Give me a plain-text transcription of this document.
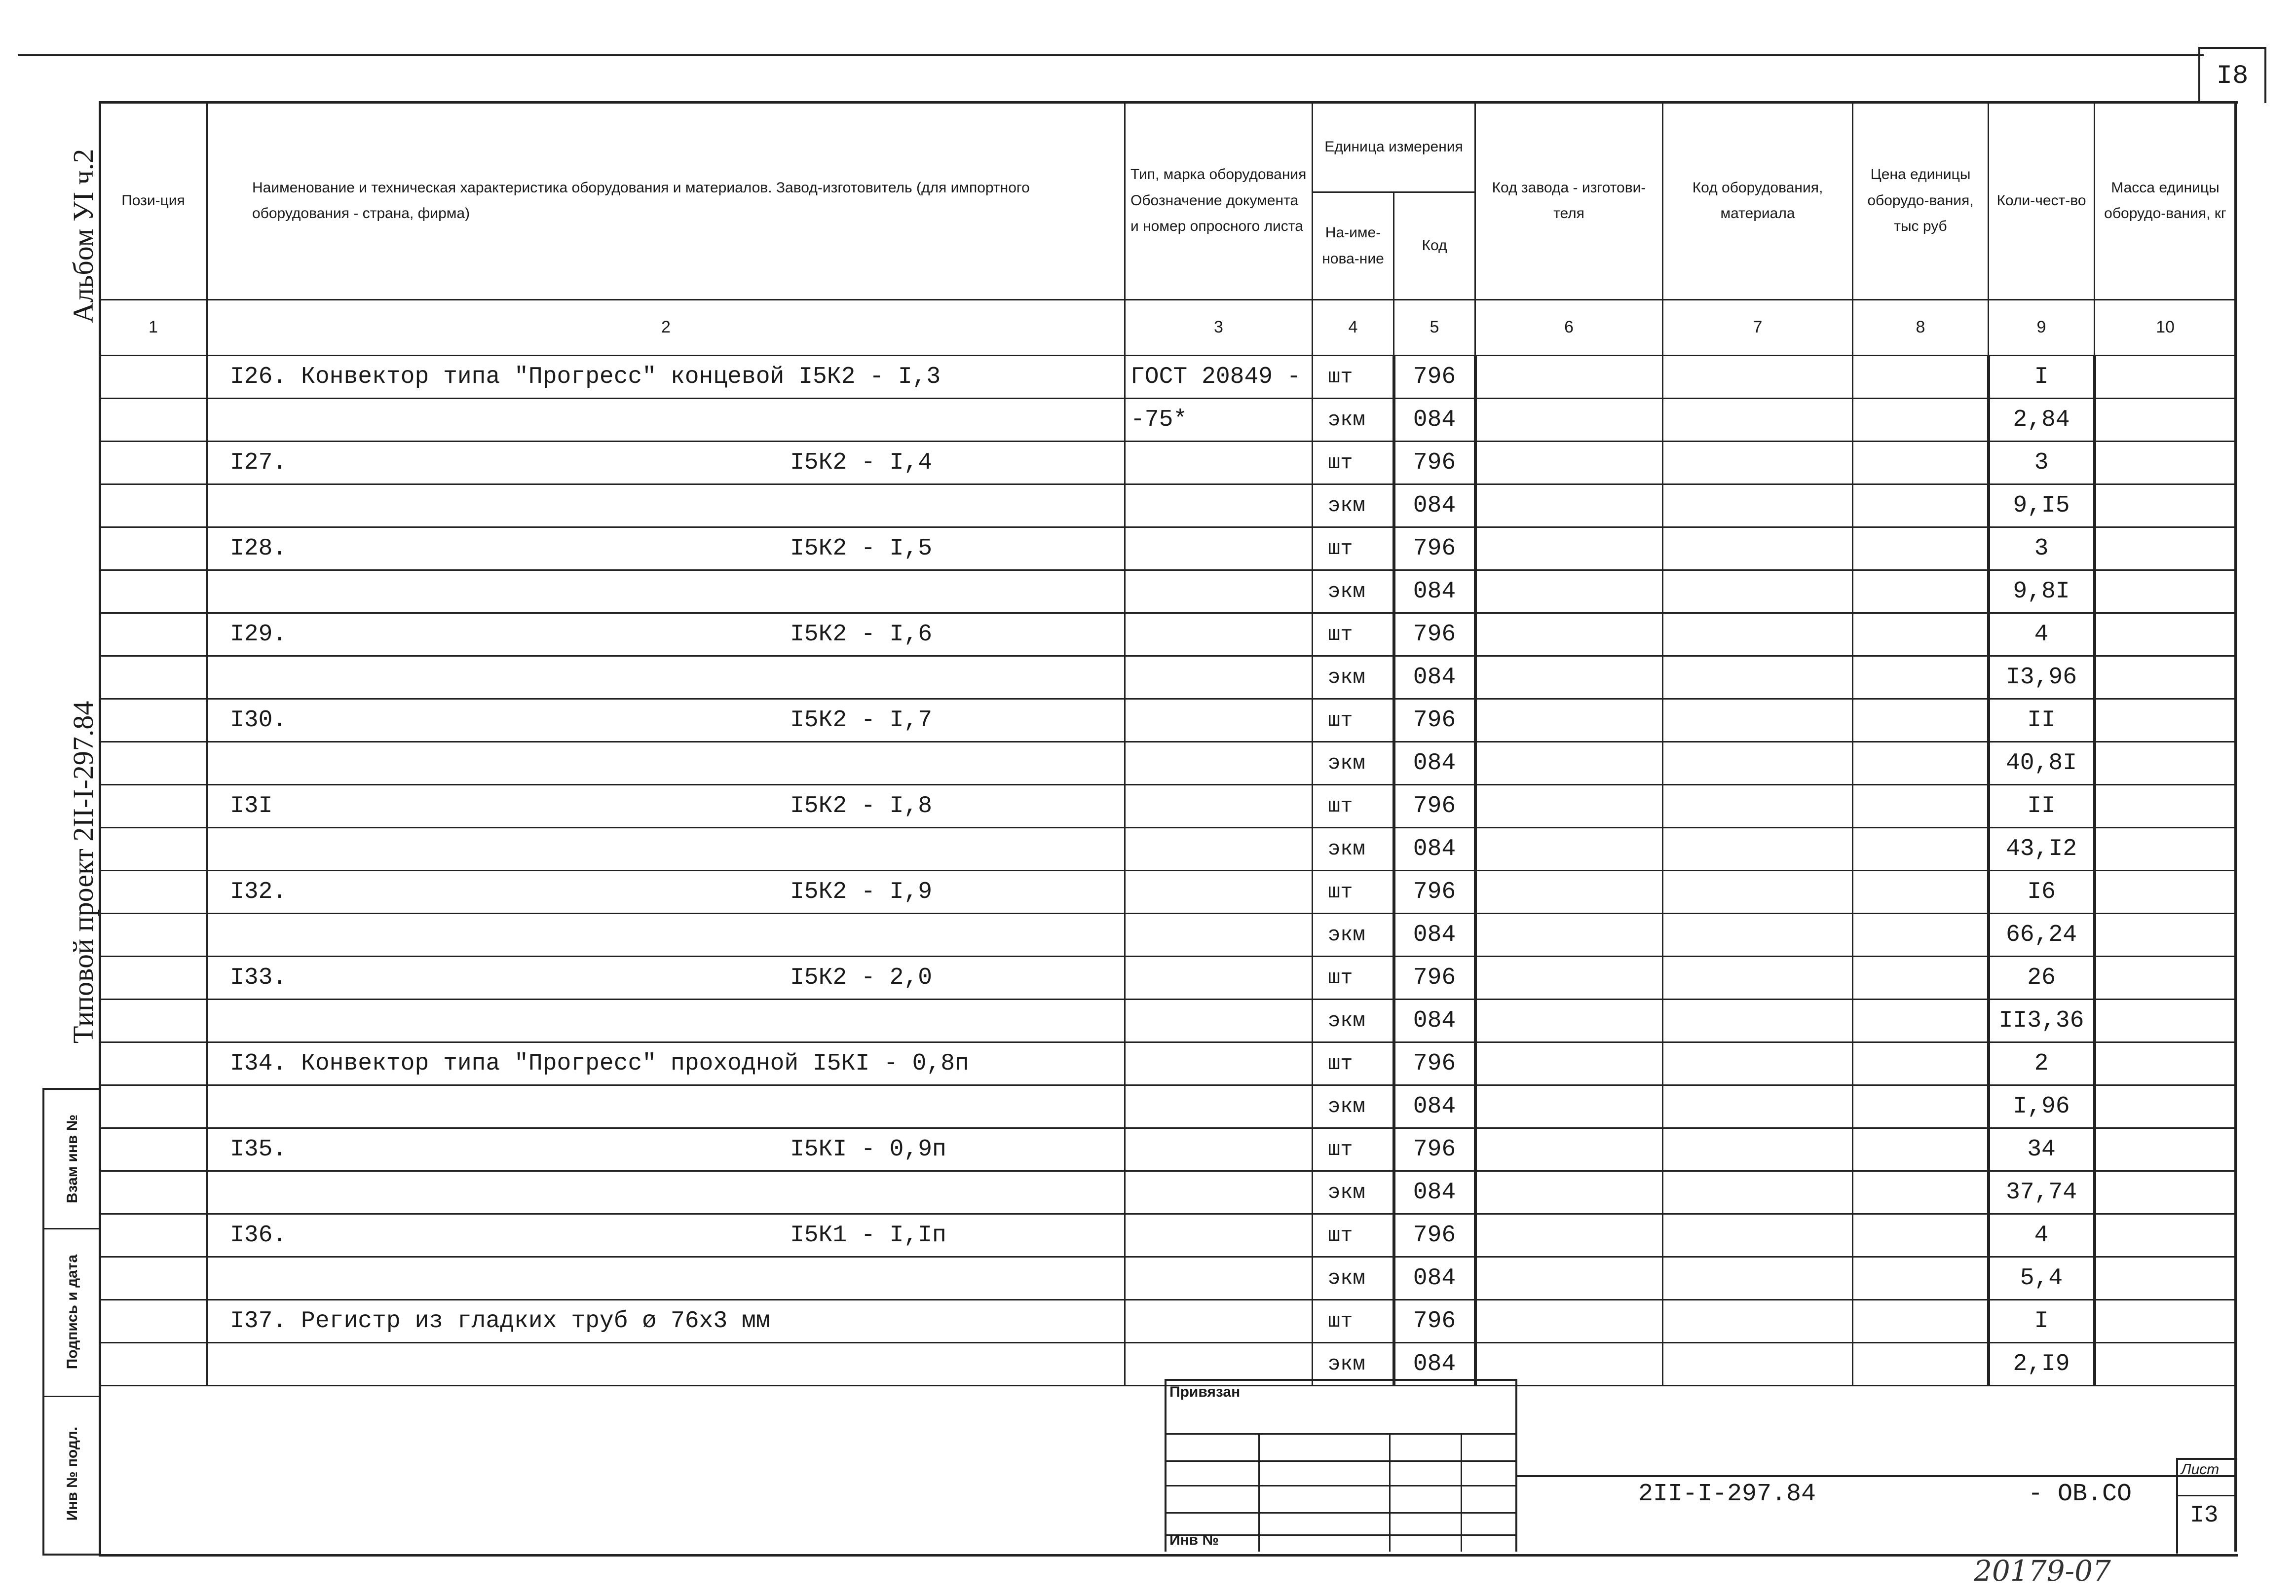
I8
Альбом УI ч.2
Типовой проект 2II-I-297.84
Взам инв №
Подпись и дата
Инв № подл.
Пози-ция	Наименование и техническая характеристика оборудования и материалов. Завод-изготовитель (для импортного оборудования - страна, фирма)	Тип, марка оборудования Обозначение документа и номер опросного листа	Единица измерения		Код завода - изготови-теля	Код оборудования, материала	Цена единицы оборудо-вания, тыс руб	Коли-чест-во	Масса единицы оборудо-вания, кг
			На-име-нова-ние	Код					
1	2	3	4	5	6	7	8	9	10

	I26. Конвектор типа "Прогресс" концевой I5К2 - I,3	ГОСТ 20849 -	шт	796				I	

	-75*	экм	084				2,84	

	I27. I5К2 - I,4		шт	796				3	

		экм	084				9,I5	

	I28. I5К2 - I,5		шт	796				3	

		экм	084				9,8I	

	I29. I5К2 - I,6		шт	796				4	

		экм	084				I3,96	

	I30. I5К2 - I,7		шт	796				II	

		экм	084				40,8I	

	I3I I5К2 - I,8		шт	796				II	

		экм	084				43,I2	

	I32. I5К2 - I,9		шт	796				I6	

		экм	084				66,24	

	I33. I5К2 - 2,0		шт	796				26	

		экм	084				II3,36	

	I34. Конвектор типа "Прогресс" проходной I5КI - 0,8п		шт	796				2	

		экм	084				I,96	

	I35. I5КI - 0,9п		шт	796				34	

		экм	084				37,74	

	I36. I5К1 - I,Iп		шт	796				4	

		экм	084				5,4	

	I37. Регистр из гладких труб ø 76х3 мм		шт	796				I	

		экм	084				2,I9	
Привязан
Инв №
2II-I-297.84	- ОВ.СО
Лист
I3
20179-07
